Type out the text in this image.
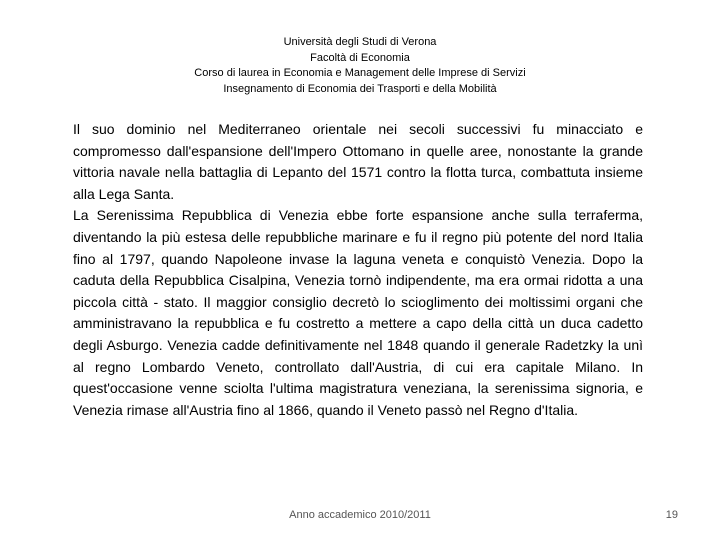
Università degli Studi di Verona
Facoltà di Economia
Corso di laurea in Economia e Management delle Imprese di Servizi
Insegnamento di Economia dei Trasporti e della Mobilità

Il suo dominio nel Mediterraneo orientale nei secoli successivi fu minacciato e compromesso dall'espansione dell'Impero Ottomano in quelle aree, nonostante la grande vittoria navale nella battaglia di Lepanto del 1571 contro la flotta turca, combattuta insieme alla Lega Santa.

La Serenissima Repubblica di Venezia ebbe forte espansione anche sulla terraferma, diventando la più estesa delle repubbliche marinare e fu il regno più potente del nord Italia fino al 1797, quando Napoleone invase la laguna veneta e conquistò Venezia. Dopo la caduta della Repubblica Cisalpina, Venezia tornò indipendente, ma era ormai ridotta a una piccola città - stato. Il maggior consiglio decretò lo scioglimento dei moltissimi organi che amministravano la repubblica e fu costretto a mettere a capo della città un duca cadetto degli Asburgo. Venezia cadde definitivamente nel 1848 quando il generale Radetzky la unì al regno Lombardo Veneto, controllato dall'Austria, di cui era capitale Milano. In quest'occasione venne sciolta l'ultima magistratura veneziana, la serenissima signoria, e Venezia rimase all'Austria fino al 1866, quando il Veneto passò nel Regno d'Italia.

Anno accademico 2010/2011	19
